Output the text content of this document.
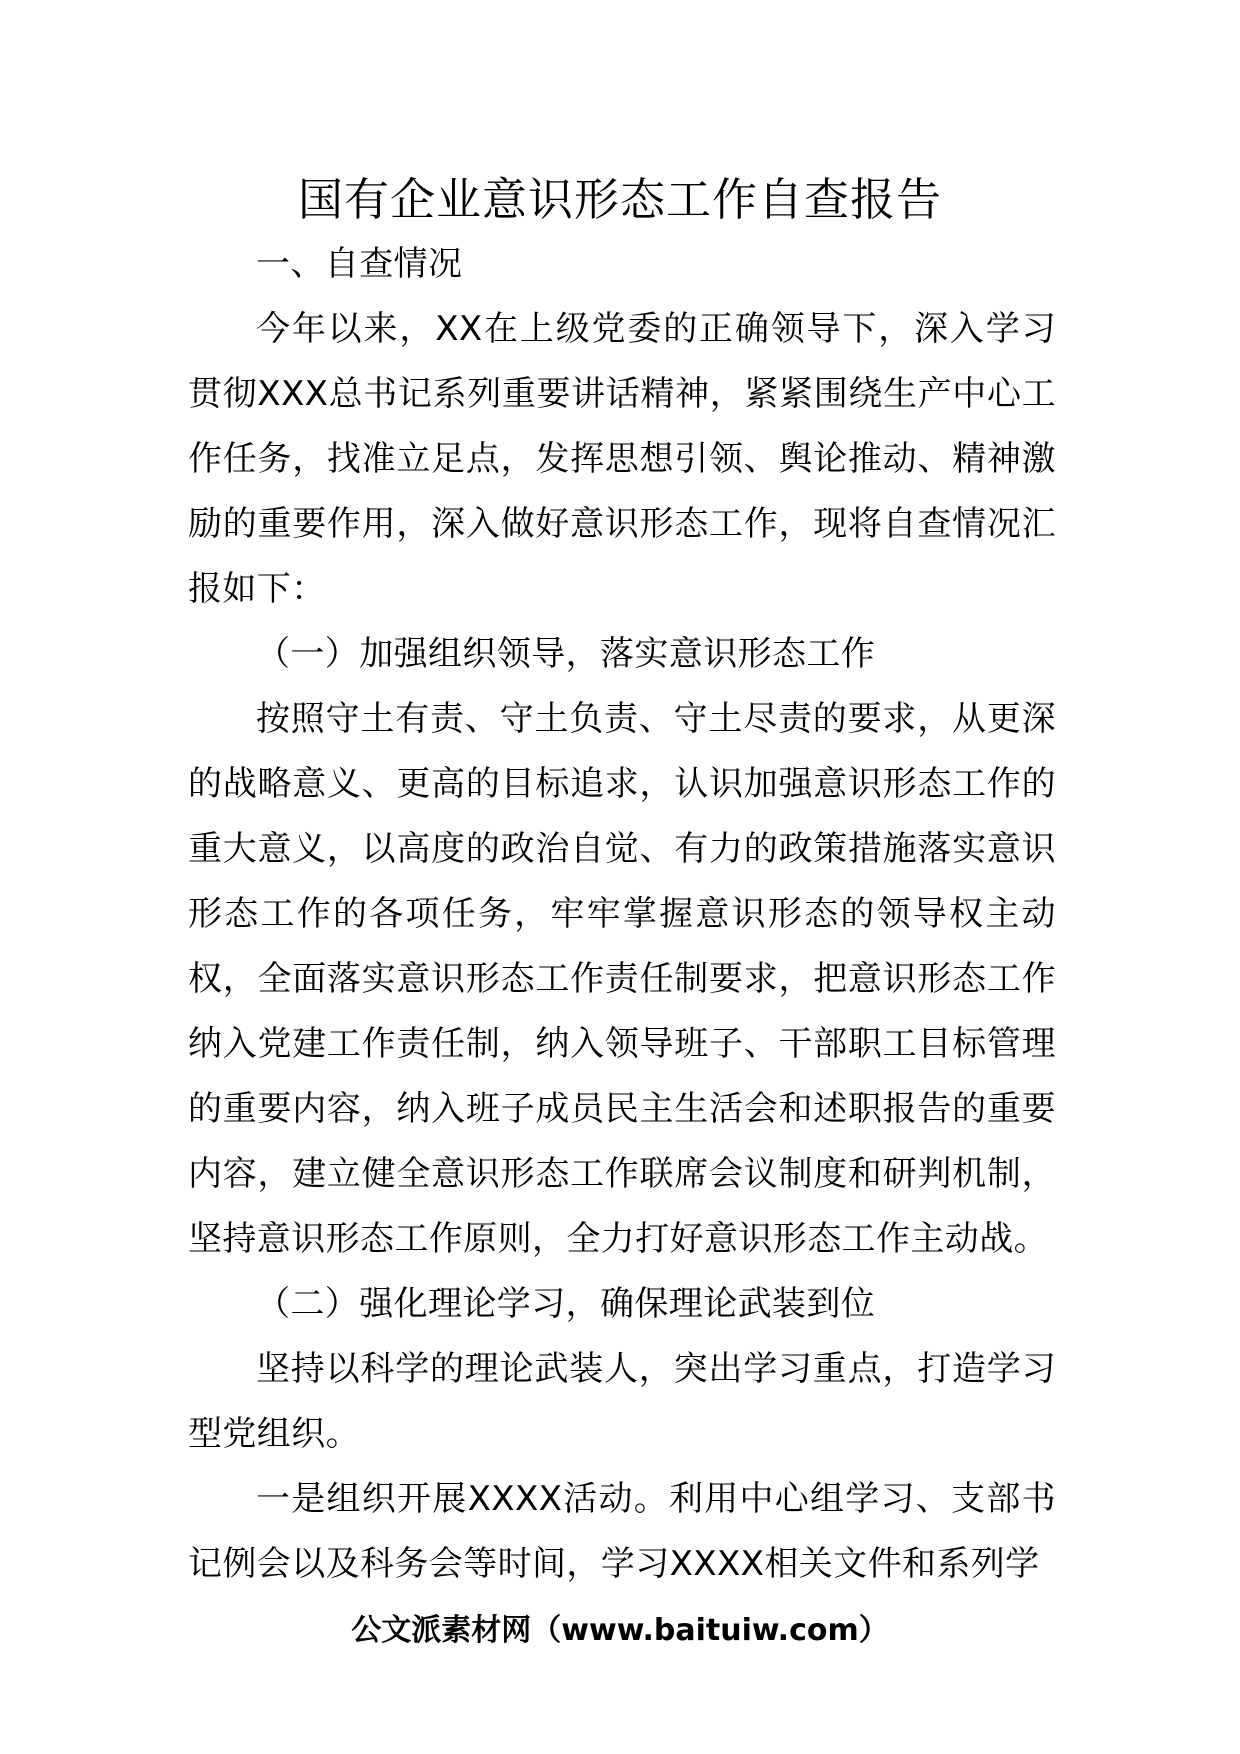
国有企业意识形态工作自查报告

一、自查情况

今年以来，XX在上级党委的正确领导下，深入学习贯彻XXX总书记系列重要讲话精神，紧紧围绕生产中心工作任务，找准立足点，发挥思想引领、舆论推动、精神激励的重要作用，深入做好意识形态工作，现将自查情况汇报如下：

（一）加强组织领导，落实意识形态工作

按照守土有责、守土负责、守土尽责的要求，从更深的战略意义、更高的目标追求，认识加强意识形态工作的重大意义，以高度的政治自觉、有力的政策措施落实意识形态工作的各项任务，牢牢掌握意识形态的领导权主动权，全面落实意识形态工作责任制要求，把意识形态工作纳入党建工作责任制，纳入领导班子、干部职工目标管理的重要内容，纳入班子成员民主生活会和述职报告的重要内容，建立健全意识形态工作联席会议制度和研判机制，坚持意识形态工作原则，全力打好意识形态工作主动战。

（二）强化理论学习，确保理论武装到位

坚持以科学的理论武装人，突出学习重点，打造学习型党组织。

一是组织开展XXXX活动。利用中心组学习、支部书记例会以及科务会等时间，学习XXXX相关文件和系列学

公文派素材网（www.baituiw.com）
